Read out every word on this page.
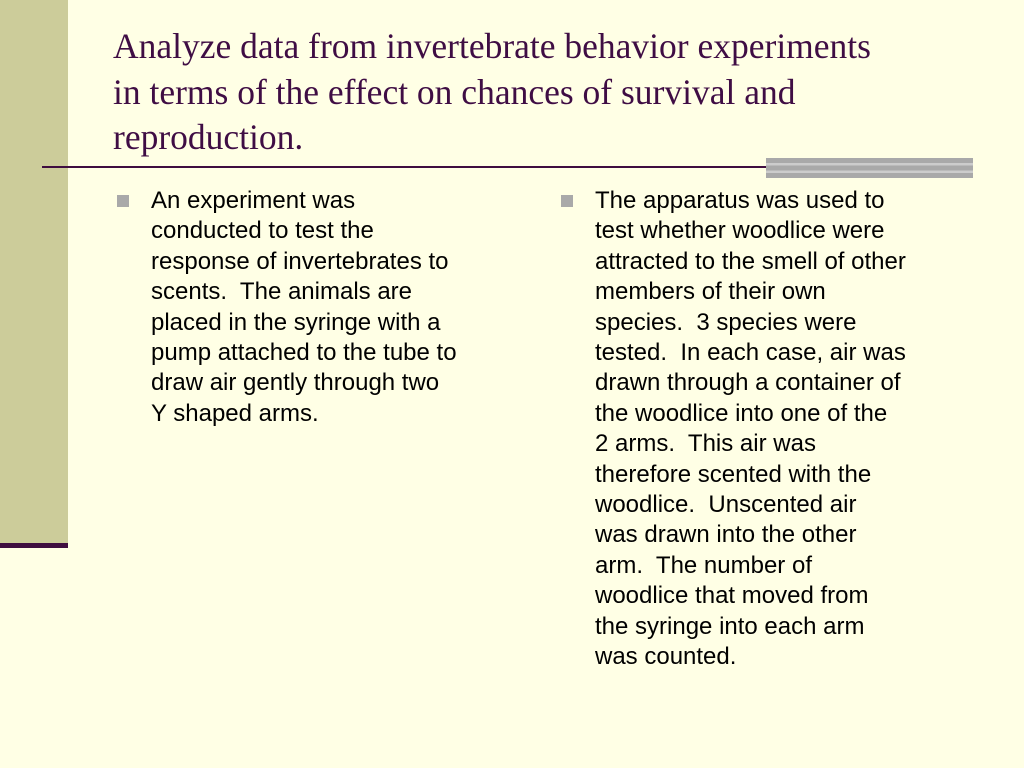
Analyze data from invertebrate behavior experiments
in terms of the effect on chances of survival and
reproduction.
An experiment was
conducted to test the
response of invertebrates to
scents.  The animals are
placed in the syringe with a
pump attached to the tube to
draw air gently through two
Y shaped arms.
The apparatus was used to
test whether woodlice were
attracted to the smell of other
members of their own
species.  3 species were
tested.  In each case, air was
drawn through a container of
the woodlice into one of the
2 arms.  This air was
therefore scented with the
woodlice.  Unscented air
was drawn into the other
arm.  The number of
woodlice that moved from
the syringe into each arm
was counted.
